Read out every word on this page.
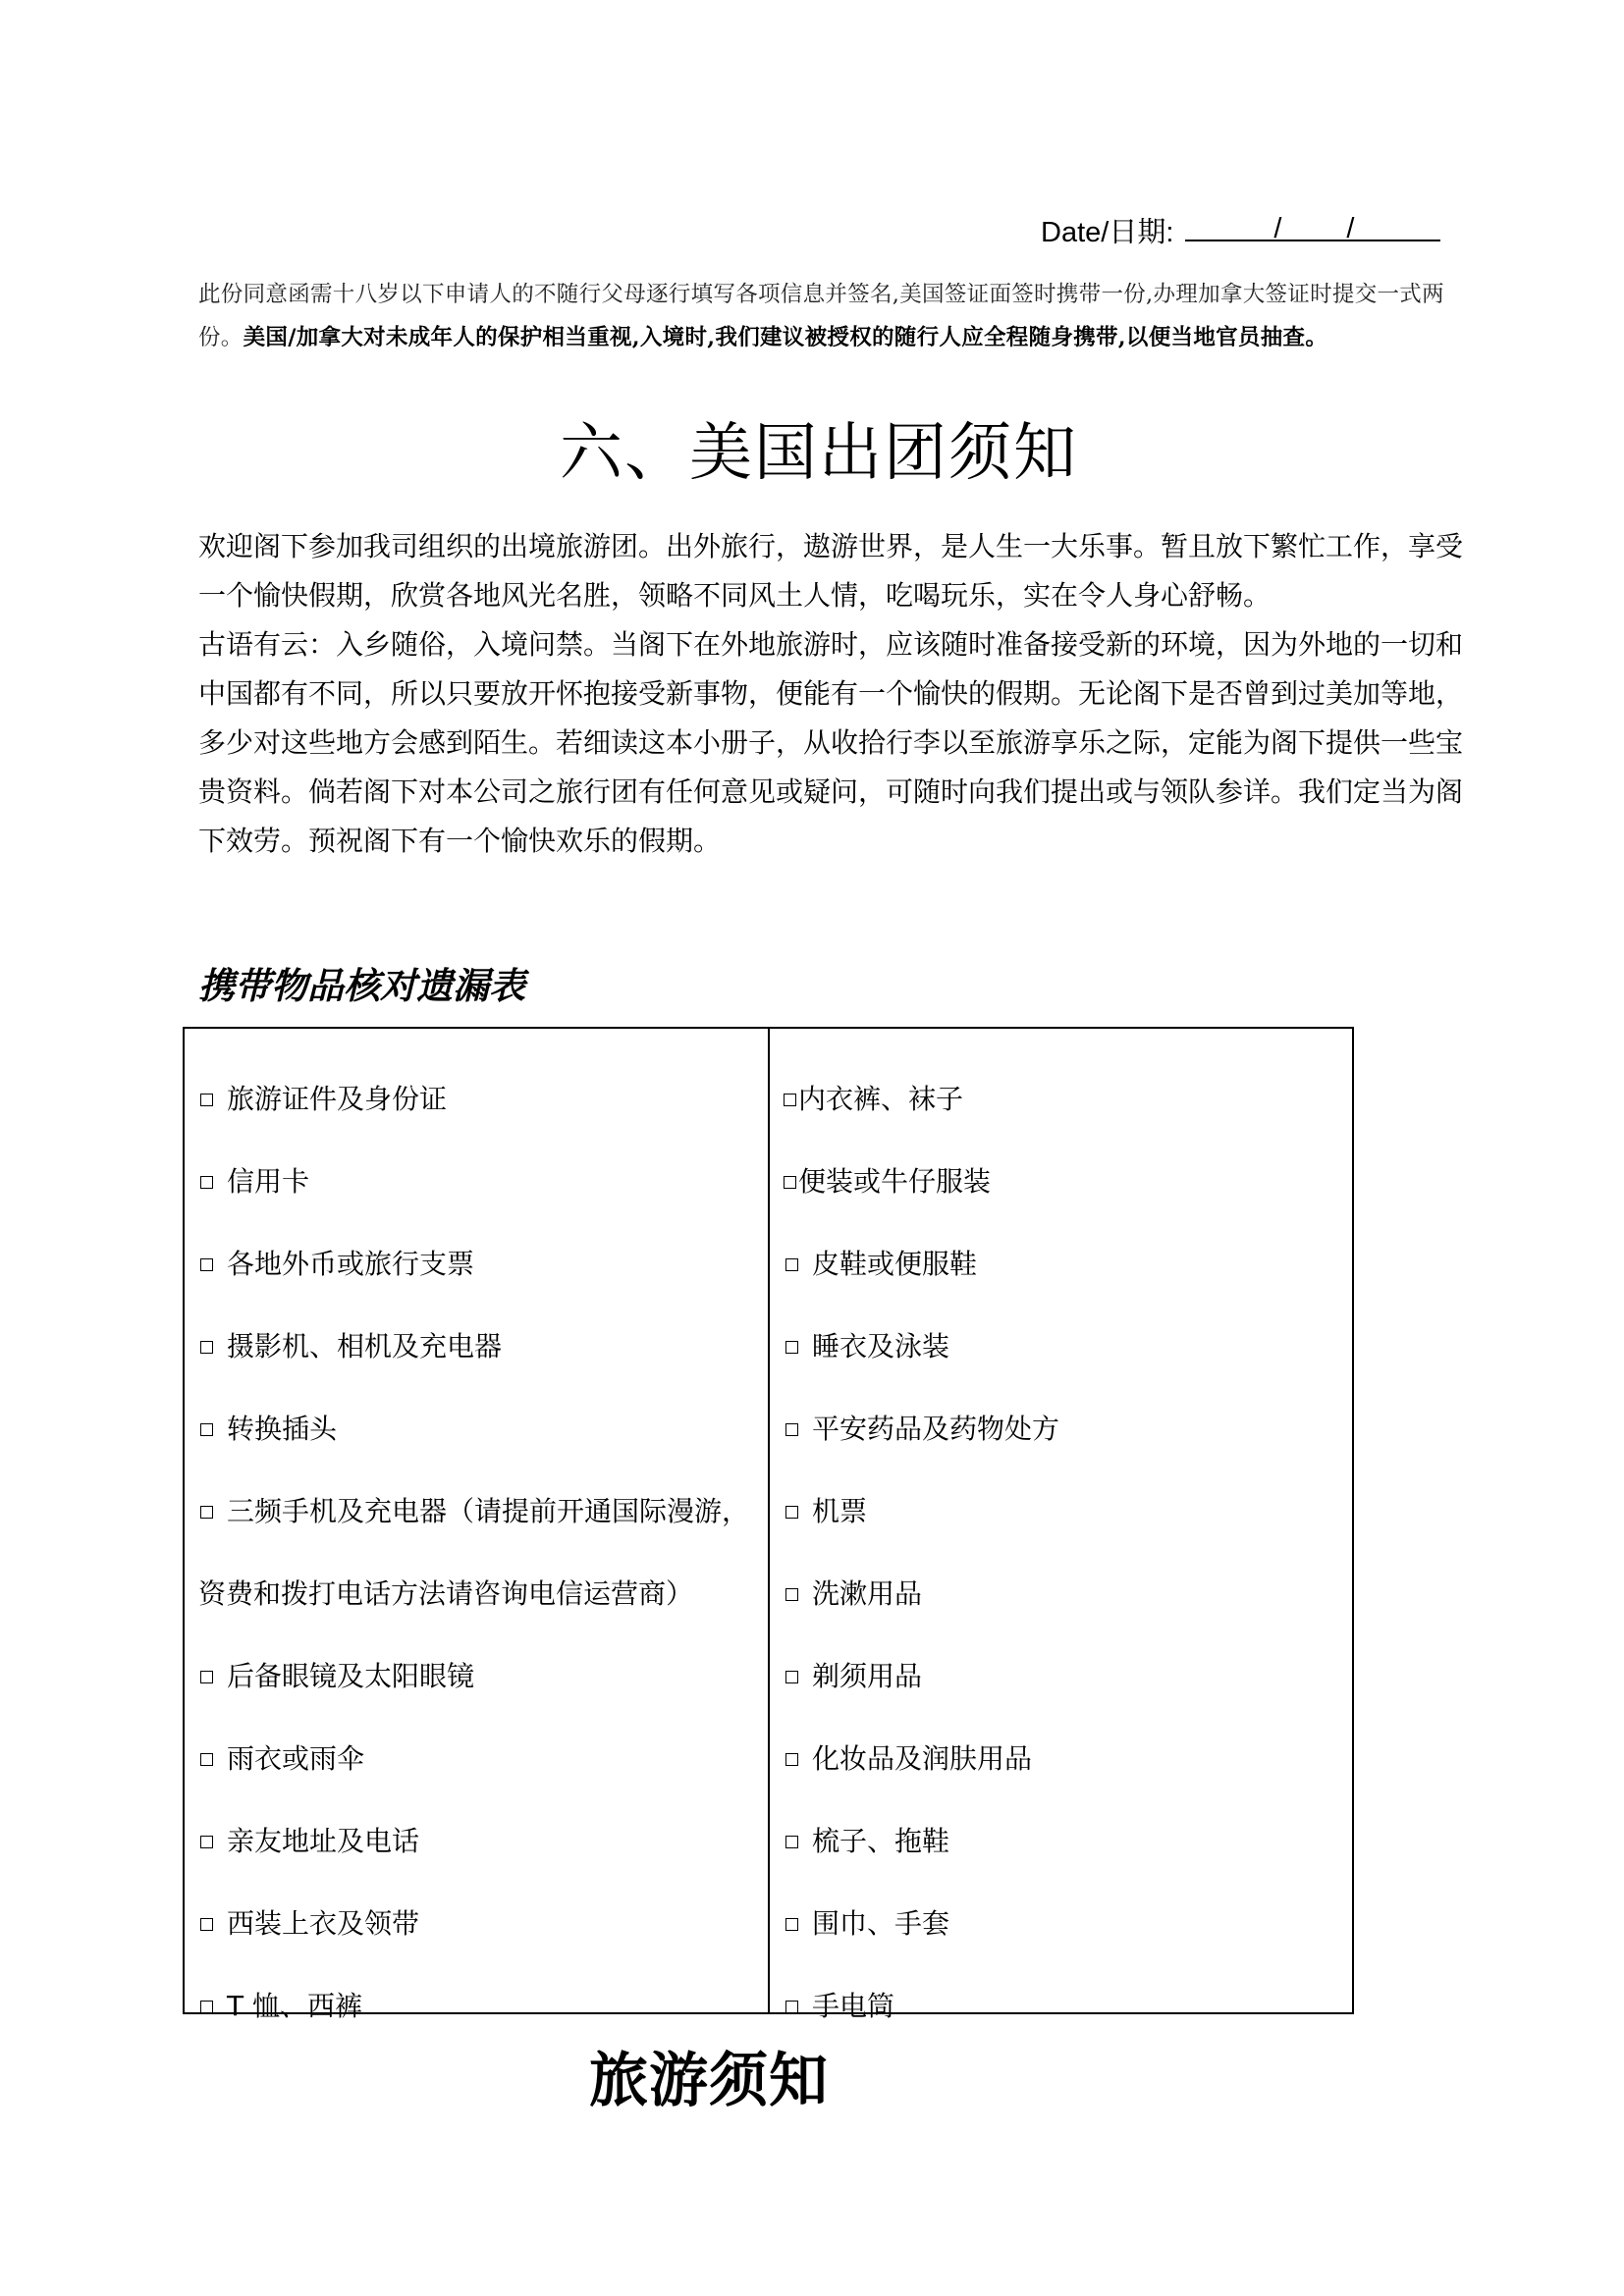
Date/日期:	/ /
此份同意函需十八岁以下申请人的不随行父母逐行填写各项信息并签名,美国签证面签时携带一份,办理加拿大签证时提交一式两份。美国/加拿大对未成年人的保护相当重视,入境时,我们建议被授权的随行人应全程随身携带,以便当地官员抽查。
六、美国出团须知

欢迎阁下参加我司组织的出境旅游团。出外旅行，遨游世界，是人生一大乐事。暂且放下繁忙工作，享受一个愉快假期，欣赏各地风光名胜，领略不同风土人情，吃喝玩乐，实在令人身心舒畅。

古语有云：入乡随俗，入境问禁。当阁下在外地旅游时，应该随时准备接受新的环境，因为外地的一切和中国都有不同，所以只要放开怀抱接受新事物，便能有一个愉快的假期。无论阁下是否曾到过美加等地，多少对这些地方会感到陌生。若细读这本小册子，从收拾行李以至旅游享乐之际，定能为阁下提供一些宝贵资料。倘若阁下对本公司之旅行团有任何意见或疑问，可随时向我们提出或与领队参详。我们定当为阁下效劳。预祝阁下有一个愉快欢乐的假期。

携带物品核对遗漏表
旅游证件及身份证
信用卡
各地外币或旅行支票
摄影机、相机及充电器
转换插头
三频手机及充电器（请提前开通国际漫游，
资费和拨打电话方法请咨询电信运营商）
后备眼镜及太阳眼镜
雨衣或雨伞
亲友地址及电话
西装上衣及领带
T 恤、西裤
内衣裤、袜子
便装或牛仔服装
皮鞋或便服鞋
睡衣及泳装
平安药品及药物处方
机票
洗漱用品
剃须用品
化妆品及润肤用品
梳子、拖鞋
围巾、手套
手电筒
旅游须知
